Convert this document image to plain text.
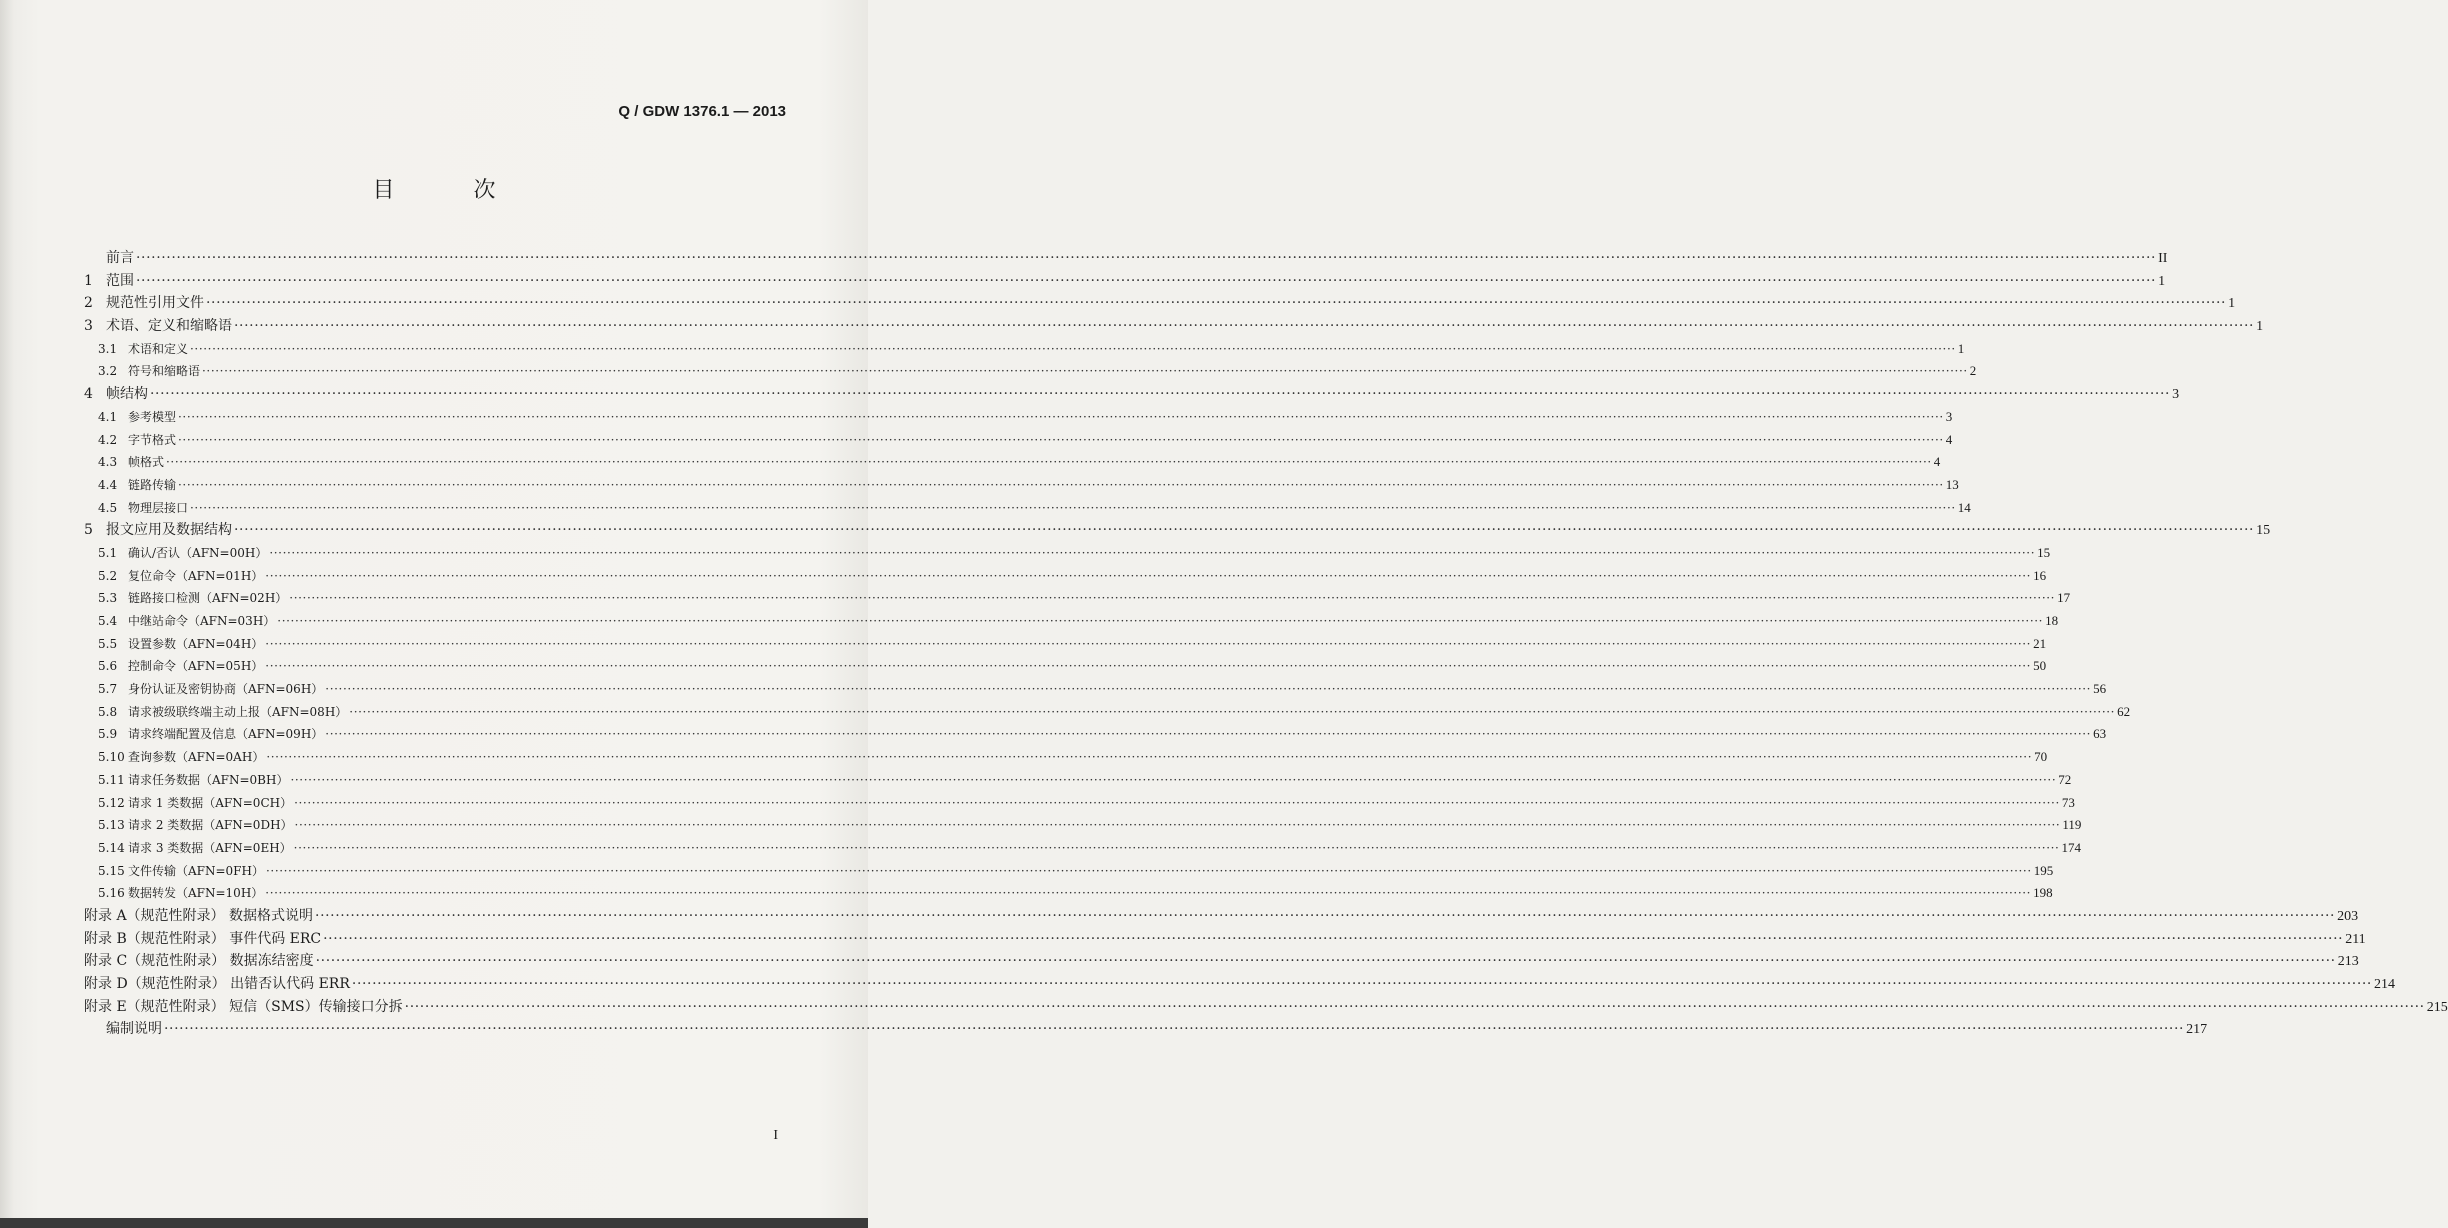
Q / GDW 1376.1 — 2013
目 次
前言 ················································································································································································································································································································································································································ II
1 范围 ················································································································································································································································································································································································································ 1
2 规范性引用文件 ················································································································································································································································································································································································································ 1
3 术语、定义和缩略语 ················································································································································································································································································································································································································ 1
3.1 术语和定义 ················································································································································································································································································································································································································ 1
3.2 符号和缩略语 ················································································································································································································································································································································································································ 2
4 帧结构 ················································································································································································································································································································································································································ 3
4.1 参考模型 ················································································································································································································································································································································································································ 3
4.2 字节格式 ················································································································································································································································································································································································································ 4
4.3 帧格式 ················································································································································································································································································································································································································ 4
4.4 链路传输 ················································································································································································································································································································································································································ 13
4.5 物理层接口 ················································································································································································································································································································································································································ 14
5 报文应用及数据结构 ················································································································································································································································································································································································································ 15
5.1 确认/否认（AFN=00H） ················································································································································································································································································································································································································ 15
5.2 复位命令（AFN=01H） ················································································································································································································································································································································································································ 16
5.3 链路接口检测（AFN=02H） ················································································································································································································································································································································································································ 17
5.4 中继站命令（AFN=03H） ················································································································································································································································································································································································································ 18
5.5 设置参数（AFN=04H） ················································································································································································································································································································································································································ 21
5.6 控制命令（AFN=05H） ················································································································································································································································································································································································································ 50
5.7 身份认证及密钥协商（AFN=06H） ················································································································································································································································································································································································································ 56
5.8 请求被级联终端主动上报（AFN=08H） ················································································································································································································································································································································································································ 62
5.9 请求终端配置及信息（AFN=09H） ················································································································································································································································································································································································································ 63
5.10 查询参数（AFN=0AH） ················································································································································································································································································································································································································ 70
5.11 请求任务数据（AFN=0BH） ················································································································································································································································································································································································································ 72
5.12 请求 1 类数据（AFN=0CH） ················································································································································································································································································································································································································ 73
5.13 请求 2 类数据（AFN=0DH） ················································································································································································································································································································································································································ 119
5.14 请求 3 类数据（AFN=0EH） ················································································································································································································································································································································································································ 174
5.15 文件传输（AFN=0FH） ················································································································································································································································································································································································································ 195
5.16 数据转发（AFN=10H） ················································································································································································································································································································································································································ 198
附录 A（规范性附录） 数据格式说明 ················································································································································································································································································································································································································ 203
附录 B（规范性附录） 事件代码 ERC ················································································································································································································································································································································································································ 211
附录 C（规范性附录） 数据冻结密度 ················································································································································································································································································································································································································ 213
附录 D（规范性附录） 出错否认代码 ERR ················································································································································································································································································································································································································ 214
附录 E（规范性附录） 短信（SMS）传输接口分拆 ················································································································································································································································································································································································································ 215
编制说明 ················································································································································································································································································································································································································ 217
I
